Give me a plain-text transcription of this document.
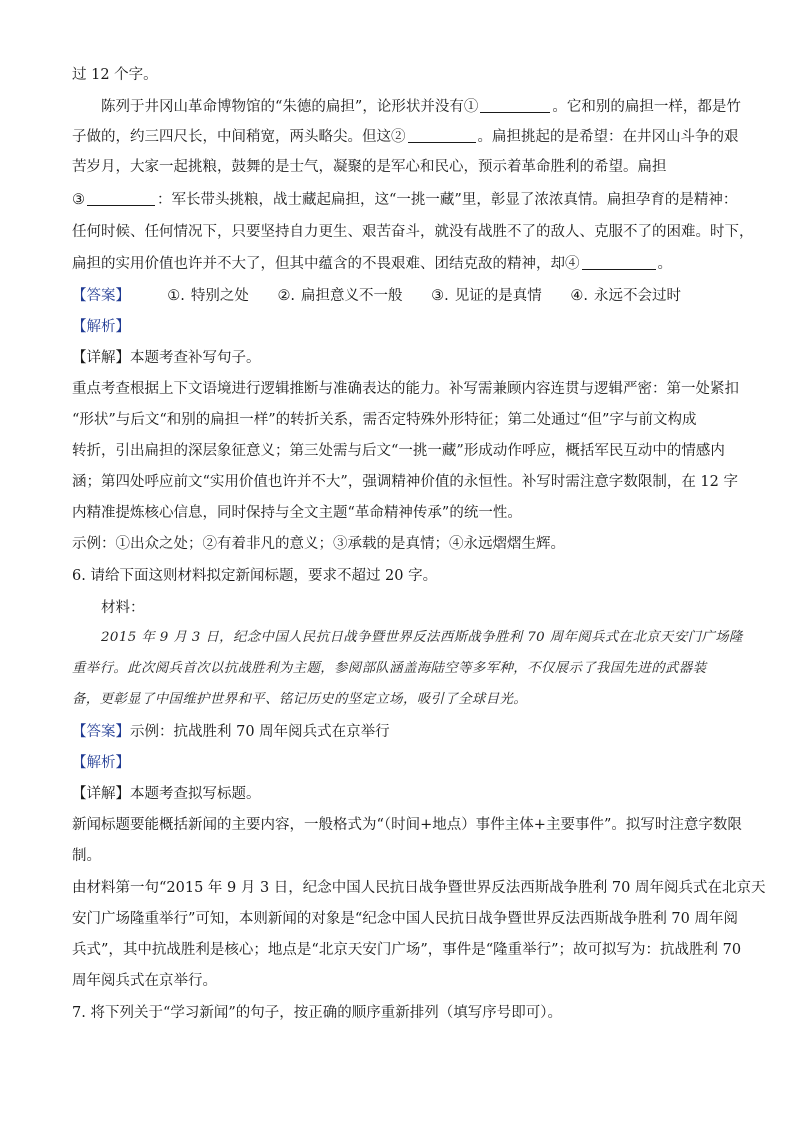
过 12 个字。
陈列于井冈山革命博物馆的“朱德的扁担”，论形状并没有①	。它和别的扁担一样，都是竹
子做的，约三四尺长，中间稍宽，两头略尖。但这②	。扁担挑起的是希望：在井冈山斗争的艰
苦岁月，大家一起挑粮，鼓舞的是士气，凝聚的是军心和民心，预示着革命胜利的希望。扁担
③	：军长带头挑粮，战士藏起扁担，这“一挑一藏”里，彰显了浓浓真情。扁担孕育的是精神：
任何时候、任何情况下，只要坚持自力更生、艰苦奋斗，就没有战胜不了的敌人、克服不了的困难。时下，
扁担的实用价值也许并不大了，但其中蕴含的不畏艰难、团结克敌的精神，却④	。
【答案】	①. 特别之处 ②. 扁担意义不一般 ③. 见证的是真情 ④. 永远不会过时
【解析】
【详解】本题考查补写句子。
重点考查根据上下文语境进行逻辑推断与准确表达的能力。补写需兼顾内容连贯与逻辑严密：第一处紧扣
“形状”与后文“和别的扁担一样”的转折关系，需否定特殊外形特征；第二处通过“但”字与前文构成
转折，引出扁担的深层象征意义；第三处需与后文“一挑一藏”形成动作呼应，概括军民互动中的情感内
涵；第四处呼应前文“实用价值也许并不大”，强调精神价值的永恒性。补写时需注意字数限制，在 12 字
内精准提炼核心信息，同时保持与全文主题“革命精神传承”的统一性。
示例：①出众之处；②有着非凡的意义；③承载的是真情；④永远熠熠生辉。
6. 请给下面这则材料拟定新闻标题，要求不超过 20 字。
材料：
2015 年 9 月 3 日，纪念中国人民抗日战争暨世界反法西斯战争胜利 70 周年阅兵式在北京天安门广场隆
重举行。此次阅兵首次以抗战胜利为主题，参阅部队涵盖海陆空等多军种，不仅展示了我国先进的武器装
备，更彰显了中国维护世界和平、铭记历史的坚定立场，吸引了全球目光。
【答案】示例：抗战胜利 70 周年阅兵式在京举行
【解析】
【详解】本题考查拟写标题。
新闻标题要能概括新闻的主要内容，一般格式为“（时间+地点）事件主体+主要事件”。拟写时注意字数限
制。
由材料第一句“2015 年 9 月 3 日，纪念中国人民抗日战争暨世界反法西斯战争胜利 70 周年阅兵式在北京天
安门广场隆重举行”可知，本则新闻的对象是“纪念中国人民抗日战争暨世界反法西斯战争胜利 70 周年阅
兵式”，其中抗战胜利是核心；地点是“北京天安门广场”，事件是“隆重举行”；故可拟写为：抗战胜利 70
周年阅兵式在京举行。
7. 将下列关于“学习新闻”的句子，按正确的顺序重新排列（填写序号即可）。
